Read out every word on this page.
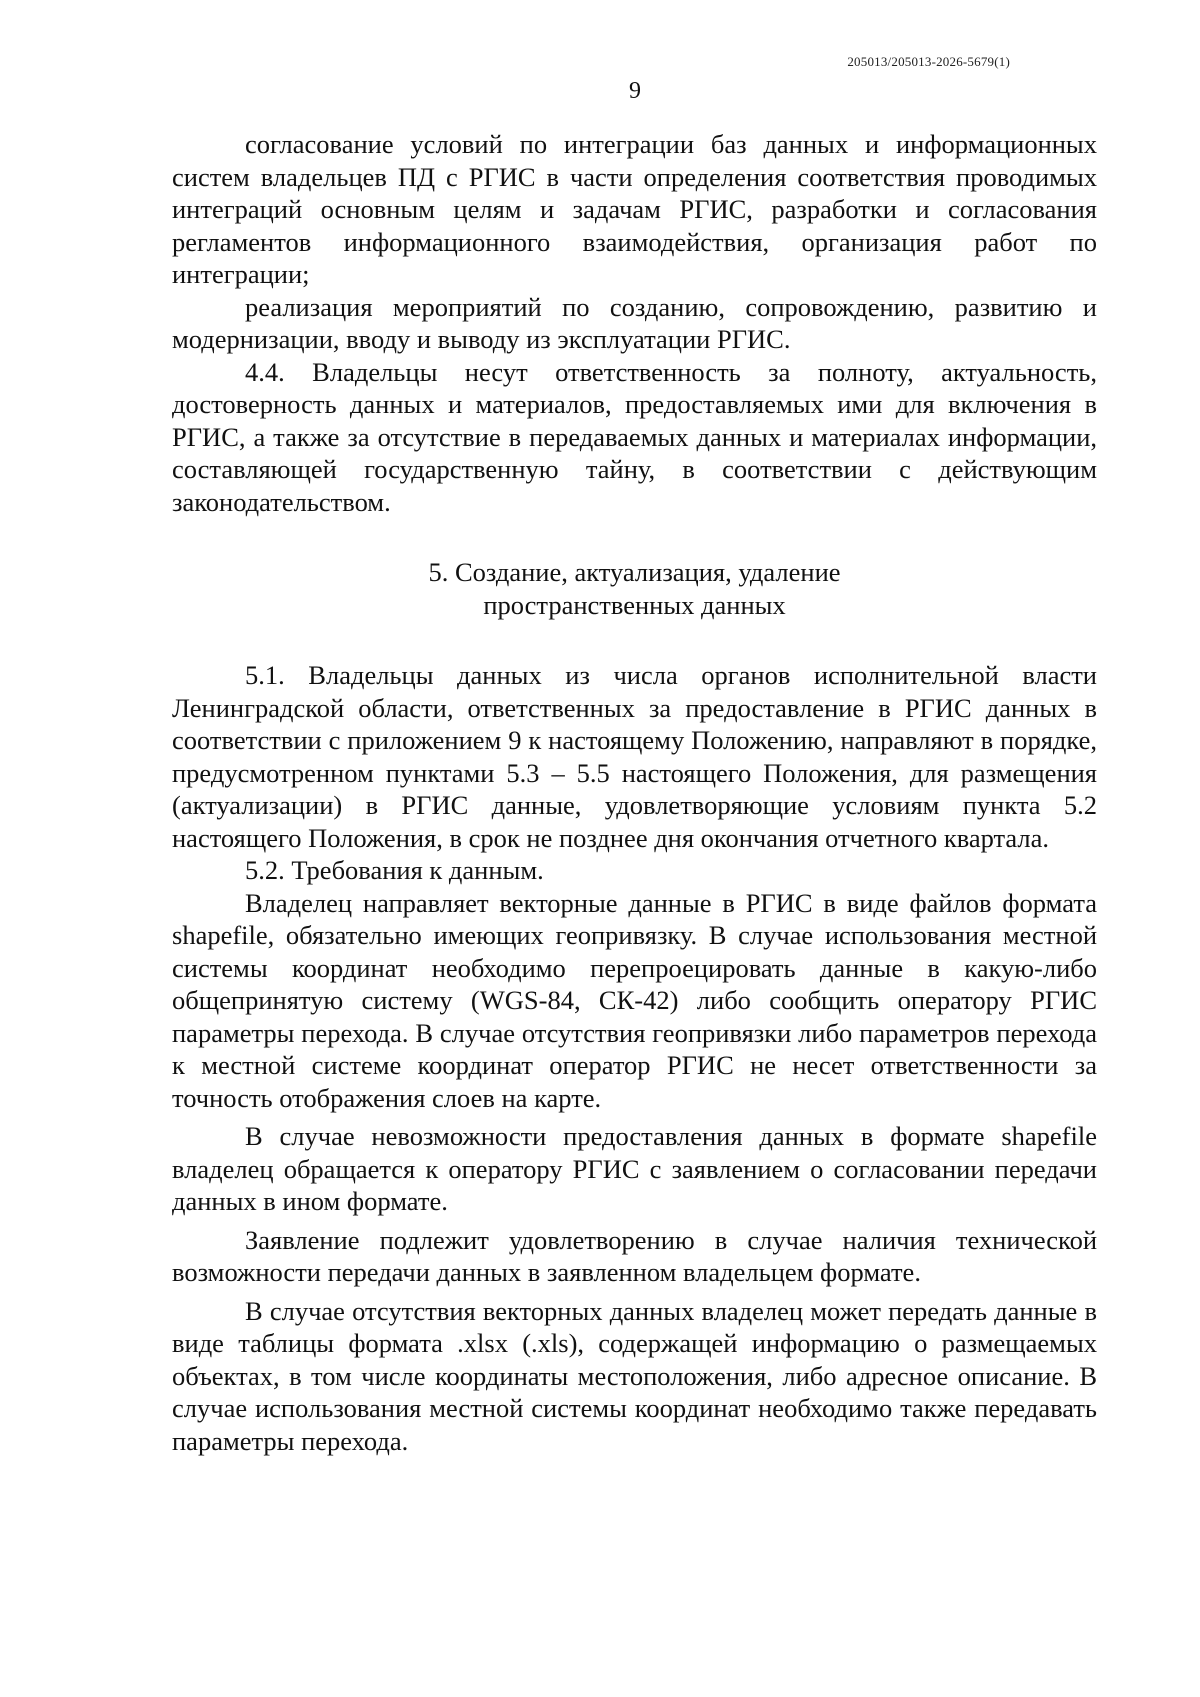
205013/205013-2026-5679(1)
9

согласование условий по интеграции баз данных и информационных систем владельцев ПД с РГИС в части определения соответствия проводимых интеграций основным целям и задачам РГИС, разработки и согласования регламентов информационного взаимодействия, организация работ по интеграции;

реализация мероприятий по созданию, сопровождению, развитию и модернизации, вводу и выводу из эксплуатации РГИС.

4.4. Владельцы несут ответственность за полноту, актуальность, достоверность данных и материалов, предоставляемых ими для включения в РГИС, а также за отсутствие в передаваемых данных и материалах информации, составляющей государственную тайну, в соответствии с действующим законодательством.

5. Создание, актуализация, удаление
пространственных данных

5.1. Владельцы данных из числа органов исполнительной власти Ленинградской области, ответственных за предоставление в РГИС данных в соответствии с приложением 9 к настоящему Положению, направляют в порядке, предусмотренном пунктами 5.3 – 5.5 настоящего Положения, для размещения (актуализации) в РГИС данные, удовлетворяющие условиям пункта 5.2 настоящего Положения, в срок не позднее дня окончания отчетного квартала.

5.2. Требования к данным.

Владелец направляет векторные данные в РГИС в виде файлов формата shapefile, обязательно имеющих геопривязку. В случае использования местной системы координат необходимо перепроецировать данные в какую-либо общепринятую систему (WGS-84, СК-42) либо сообщить оператору РГИС параметры перехода. В случае отсутствия геопривязки либо параметров перехода к местной системе координат оператор РГИС не несет ответственности за точность отображения слоев на карте.

В случае невозможности предоставления данных в формате shapefile владелец обращается к оператору РГИС с заявлением о согласовании передачи данных в ином формате.

Заявление подлежит удовлетворению в случае наличия технической возможности передачи данных в заявленном владельцем формате.

В случае отсутствия векторных данных владелец может передать данные в виде таблицы формата .xlsx (.xls), содержащей информацию о размещаемых объектах, в том числе координаты местоположения, либо адресное описание. В случае использования местной системы координат необходимо также передавать параметры перехода.
